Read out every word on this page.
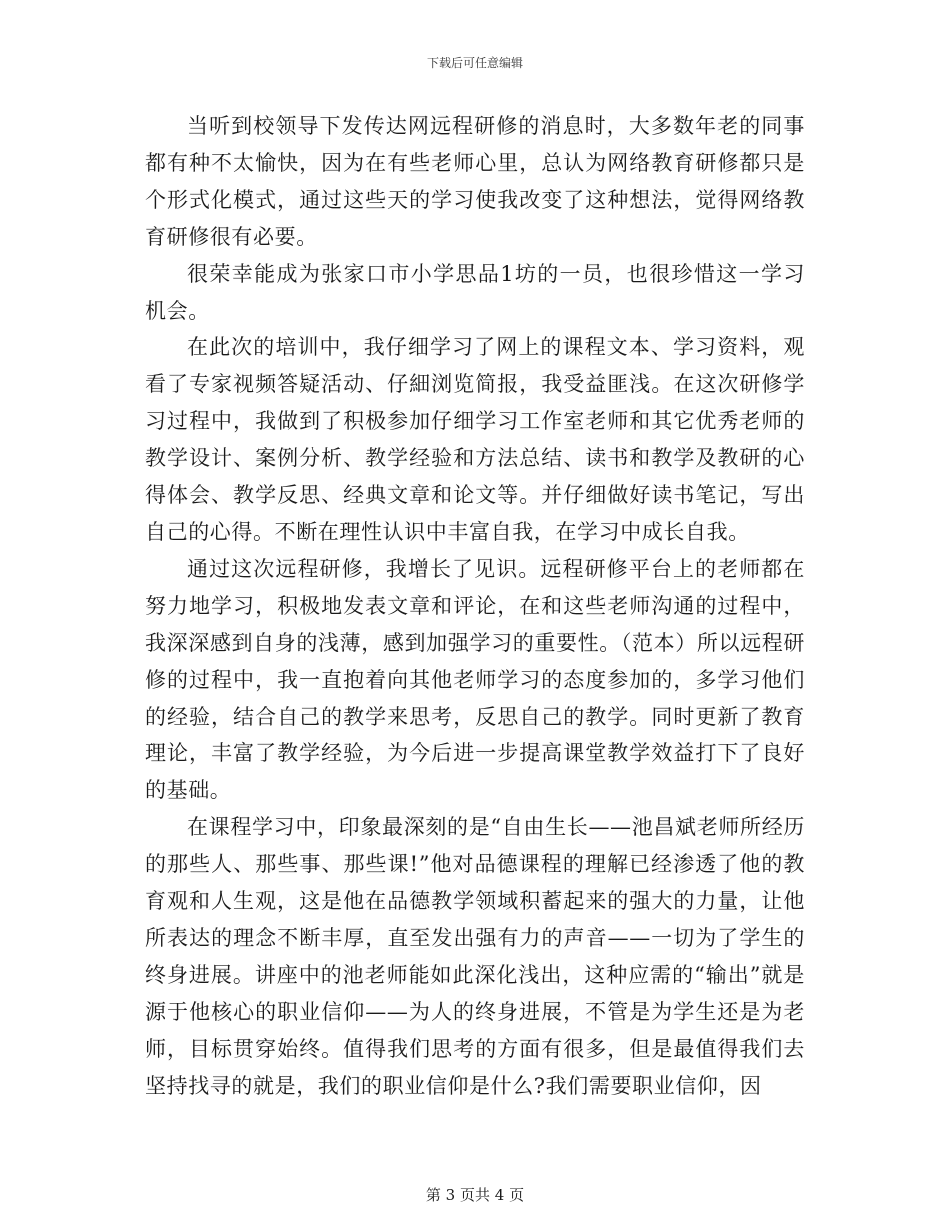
下载后可任意编辑

当听到校领导下发传达网远程研修的消息时，大多数年老的同事都有种不太愉快，因为在有些老师心里，总认为网络教育研修都只是个形式化模式，通过这些天的学习使我改变了这种想法，觉得网络教育研修很有必要。

很荣幸能成为张家口市小学思品1坊的一员，也很珍惜这一学习机会。

在此次的培训中，我仔细学习了网上的课程文本、学习资料，观看了专家视频答疑活动、仔細浏览简报，我受益匪浅。在这次研修学习过程中，我做到了积极参加仔细学习工作室老师和其它优秀老师的教学设计、案例分析、教学经验和方法总结、读书和教学及教研的心得体会、教学反思、经典文章和论文等。并仔细做好读书笔记，写出自己的心得。不断在理性认识中丰富自我，在学习中成长自我。

通过这次远程研修，我增长了见识。远程研修平台上的老师都在努力地学习，积极地发表文章和评论，在和这些老师沟通的过程中，我深深感到自身的浅薄，感到加强学习的重要性。（范本）所以远程研修的过程中，我一直抱着向其他老师学习的态度参加的，多学习他们的经验，结合自己的教学来思考，反思自己的教学。同时更新了教育理论，丰富了教学经验，为今后进一步提高课堂教学效益打下了良好的基础。

在课程学习中，印象最深刻的是“自由生长——池昌斌老师所经历的那些人、那些事、那些课!”他对品德课程的理解已经渗透了他的教育观和人生观，这是他在品德教学领域积蓄起来的强大的力量，让他所表达的理念不断丰厚，直至发出强有力的声音——一切为了学生的终身进展。讲座中的池老师能如此深化浅出，这种应需的“输出”就是源于他核心的职业信仰——为人的终身进展，不管是为学生还是为老师，目标贯穿始终。值得我们思考的方面有很多，但是最值得我们去坚持找寻的就是，我们的职业信仰是什么?我们需要职业信仰，因

第 3 页共 4 页
